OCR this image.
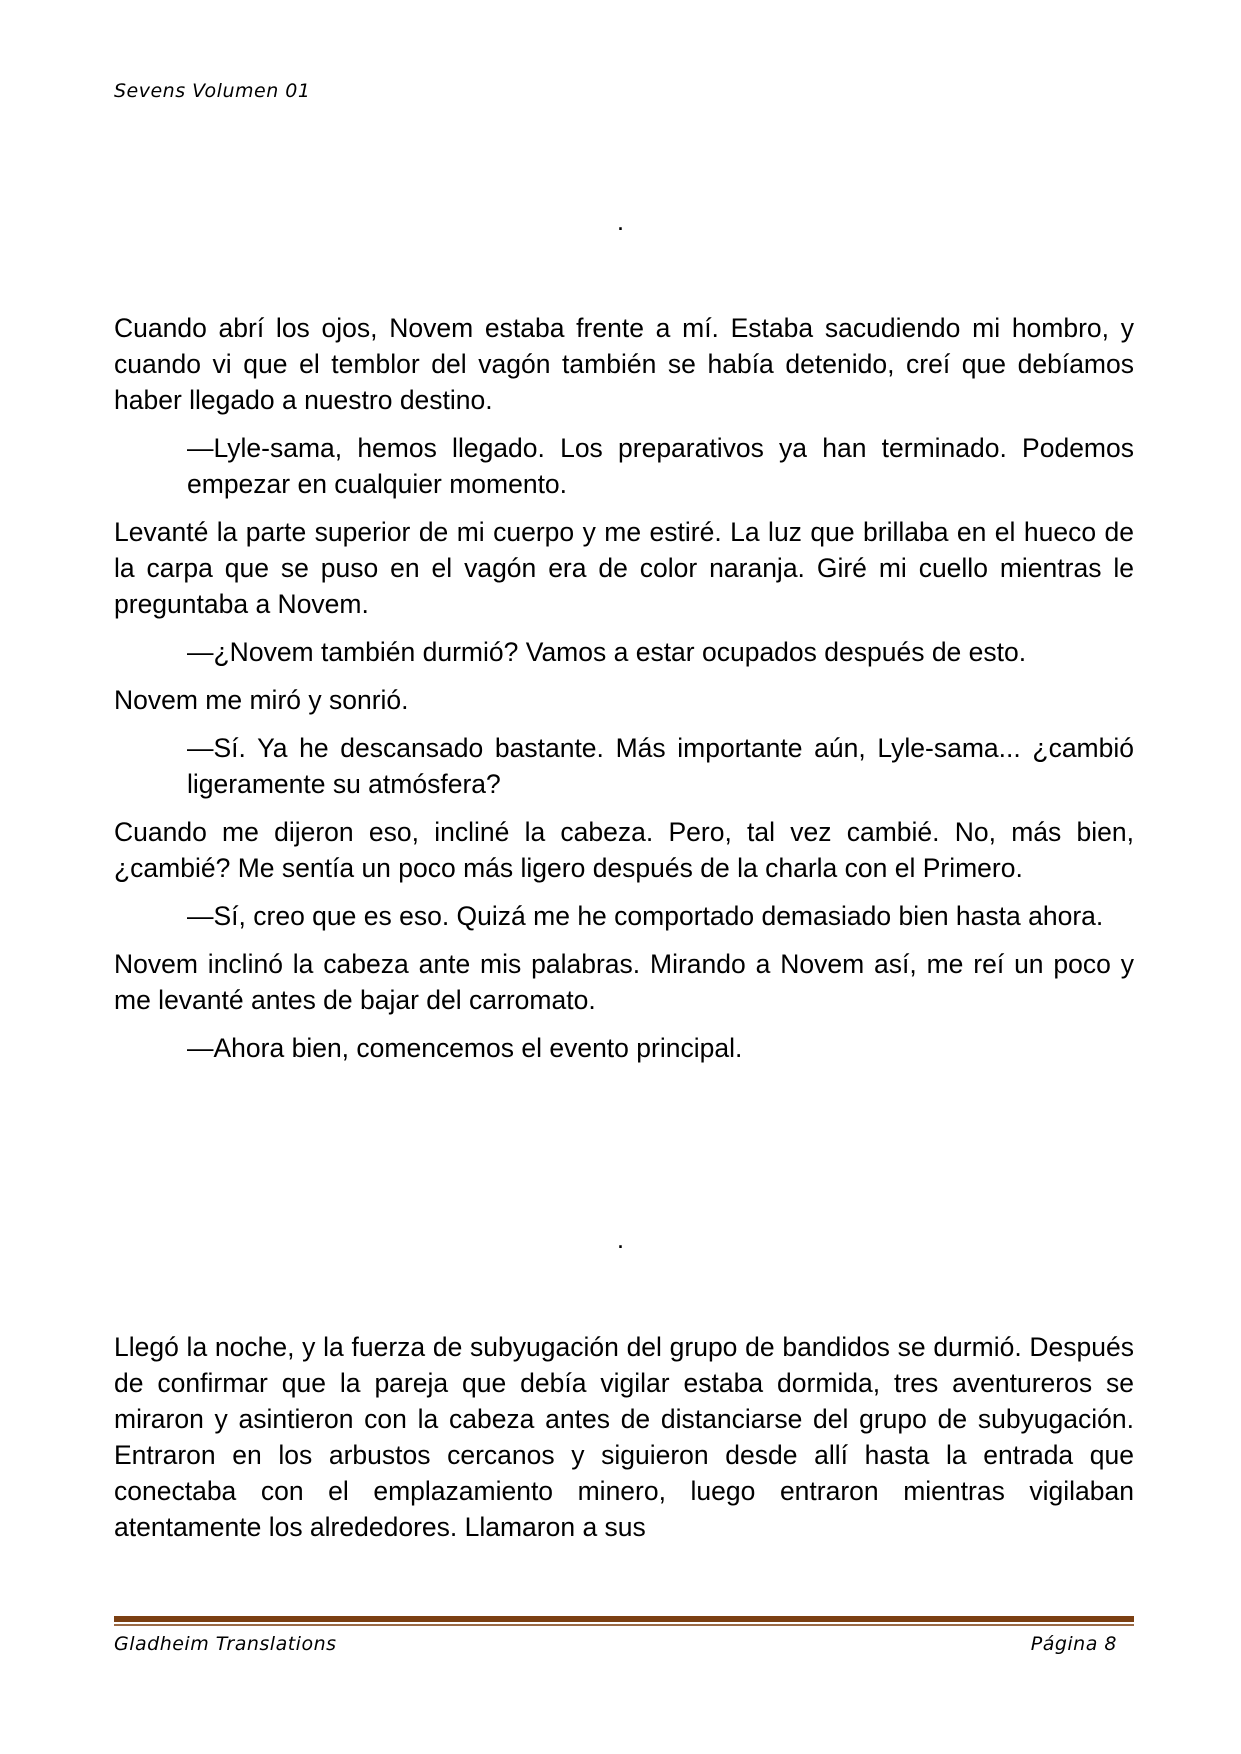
Sevens Volumen 01
.

Cuando abrí los ojos, Novem estaba frente a mí. Estaba sacudiendo mi hombro, y cuando vi que el temblor del vagón también se había detenido, creí que debíamos haber llegado a nuestro destino.

—Lyle-sama, hemos llegado. Los preparativos ya han terminado. Podemos empezar en cualquier momento.

Levanté la parte superior de mi cuerpo y me estiré. La luz que brillaba en el hueco de la carpa que se puso en el vagón era de color naranja. Giré mi cuello mientras le preguntaba a Novem.

—¿Novem también durmió? Vamos a estar ocupados después de esto.

Novem me miró y sonrió.

—Sí. Ya he descansado bastante. Más importante aún, Lyle-sama... ¿cambió ligeramente su atmósfera?

Cuando me dijeron eso, incliné la cabeza. Pero, tal vez cambié. No, más bien, ¿cambié? Me sentía un poco más ligero después de la charla con el Primero.

—Sí, creo que es eso. Quizá me he comportado demasiado bien hasta ahora.

Novem inclinó la cabeza ante mis palabras. Mirando a Novem así, me reí un poco y me levanté antes de bajar del carromato.

—Ahora bien, comencemos el evento principal.

.

Llegó la noche, y la fuerza de subyugación del grupo de bandidos se durmió. Después de confirmar que la pareja que debía vigilar estaba dormida, tres aventureros se miraron y asintieron con la cabeza antes de distanciarse del grupo de subyugación. Entraron en los arbustos cercanos y siguieron desde allí hasta la entrada que conectaba con el emplazamiento minero, luego entraron mientras vigilaban atentamente los alrededores. Llamaron a sus

Gladheim Translations	Página 8
